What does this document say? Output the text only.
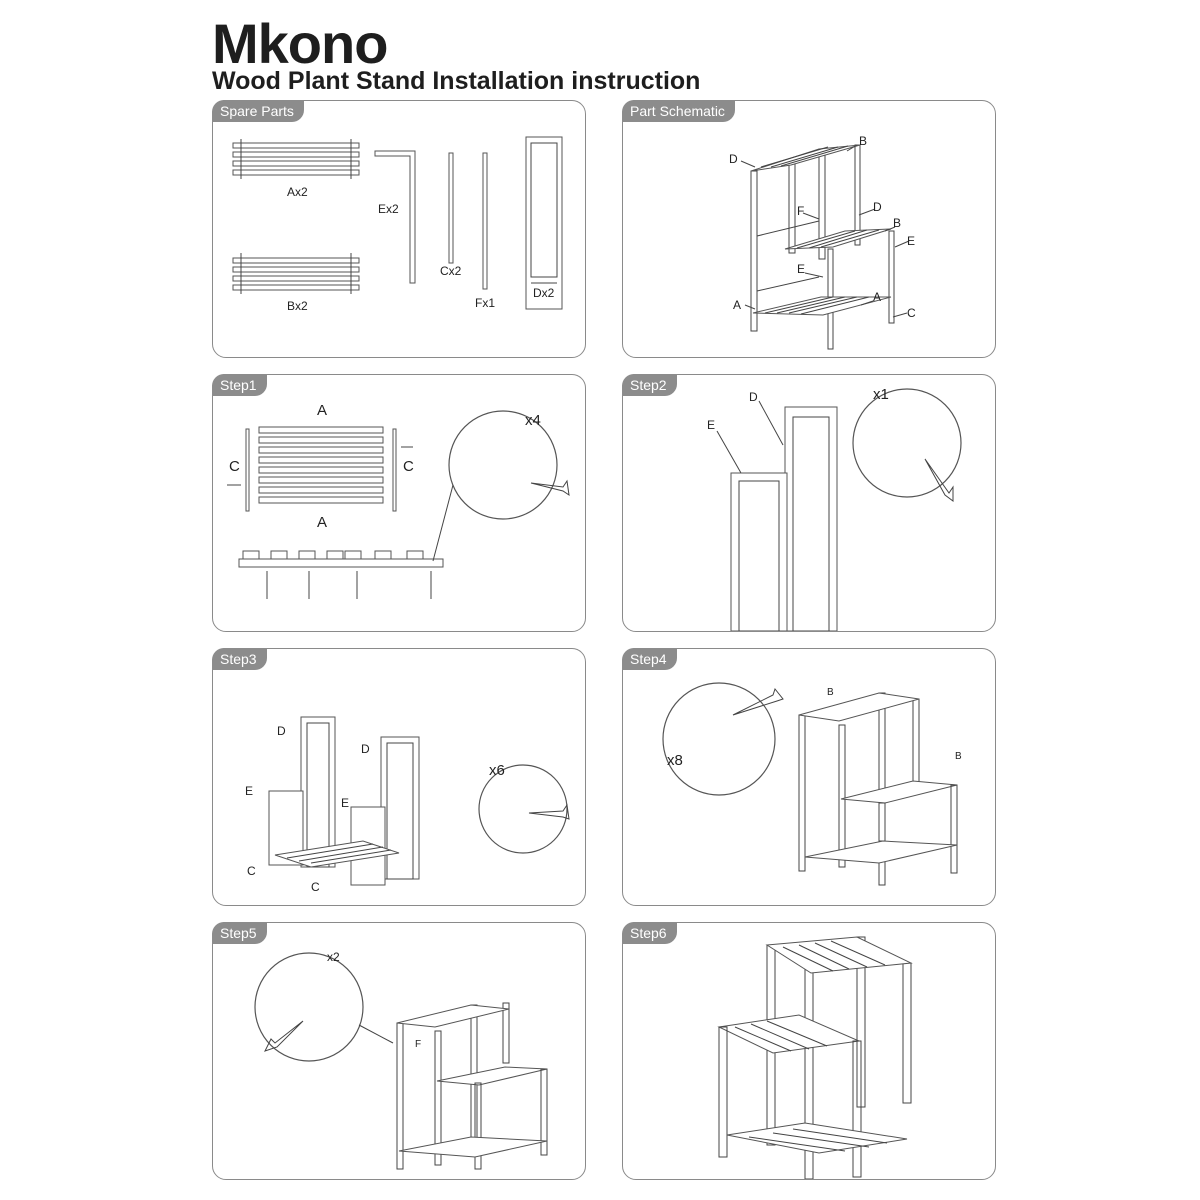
Mkono
Wood Plant Stand Installation instruction
Spare Parts
Ax2
Bx2
Ex2
Cx2
Fx1
Dx2
Part Schematic
D
B
F	D
B
E
E
A
A
C
Step1
A
C	C
A
x4
Step2
D
E
x1
Step3
D
D
E
E
C
C
x6
Step4
x8
B
B
Step5
x2
F
Step6
